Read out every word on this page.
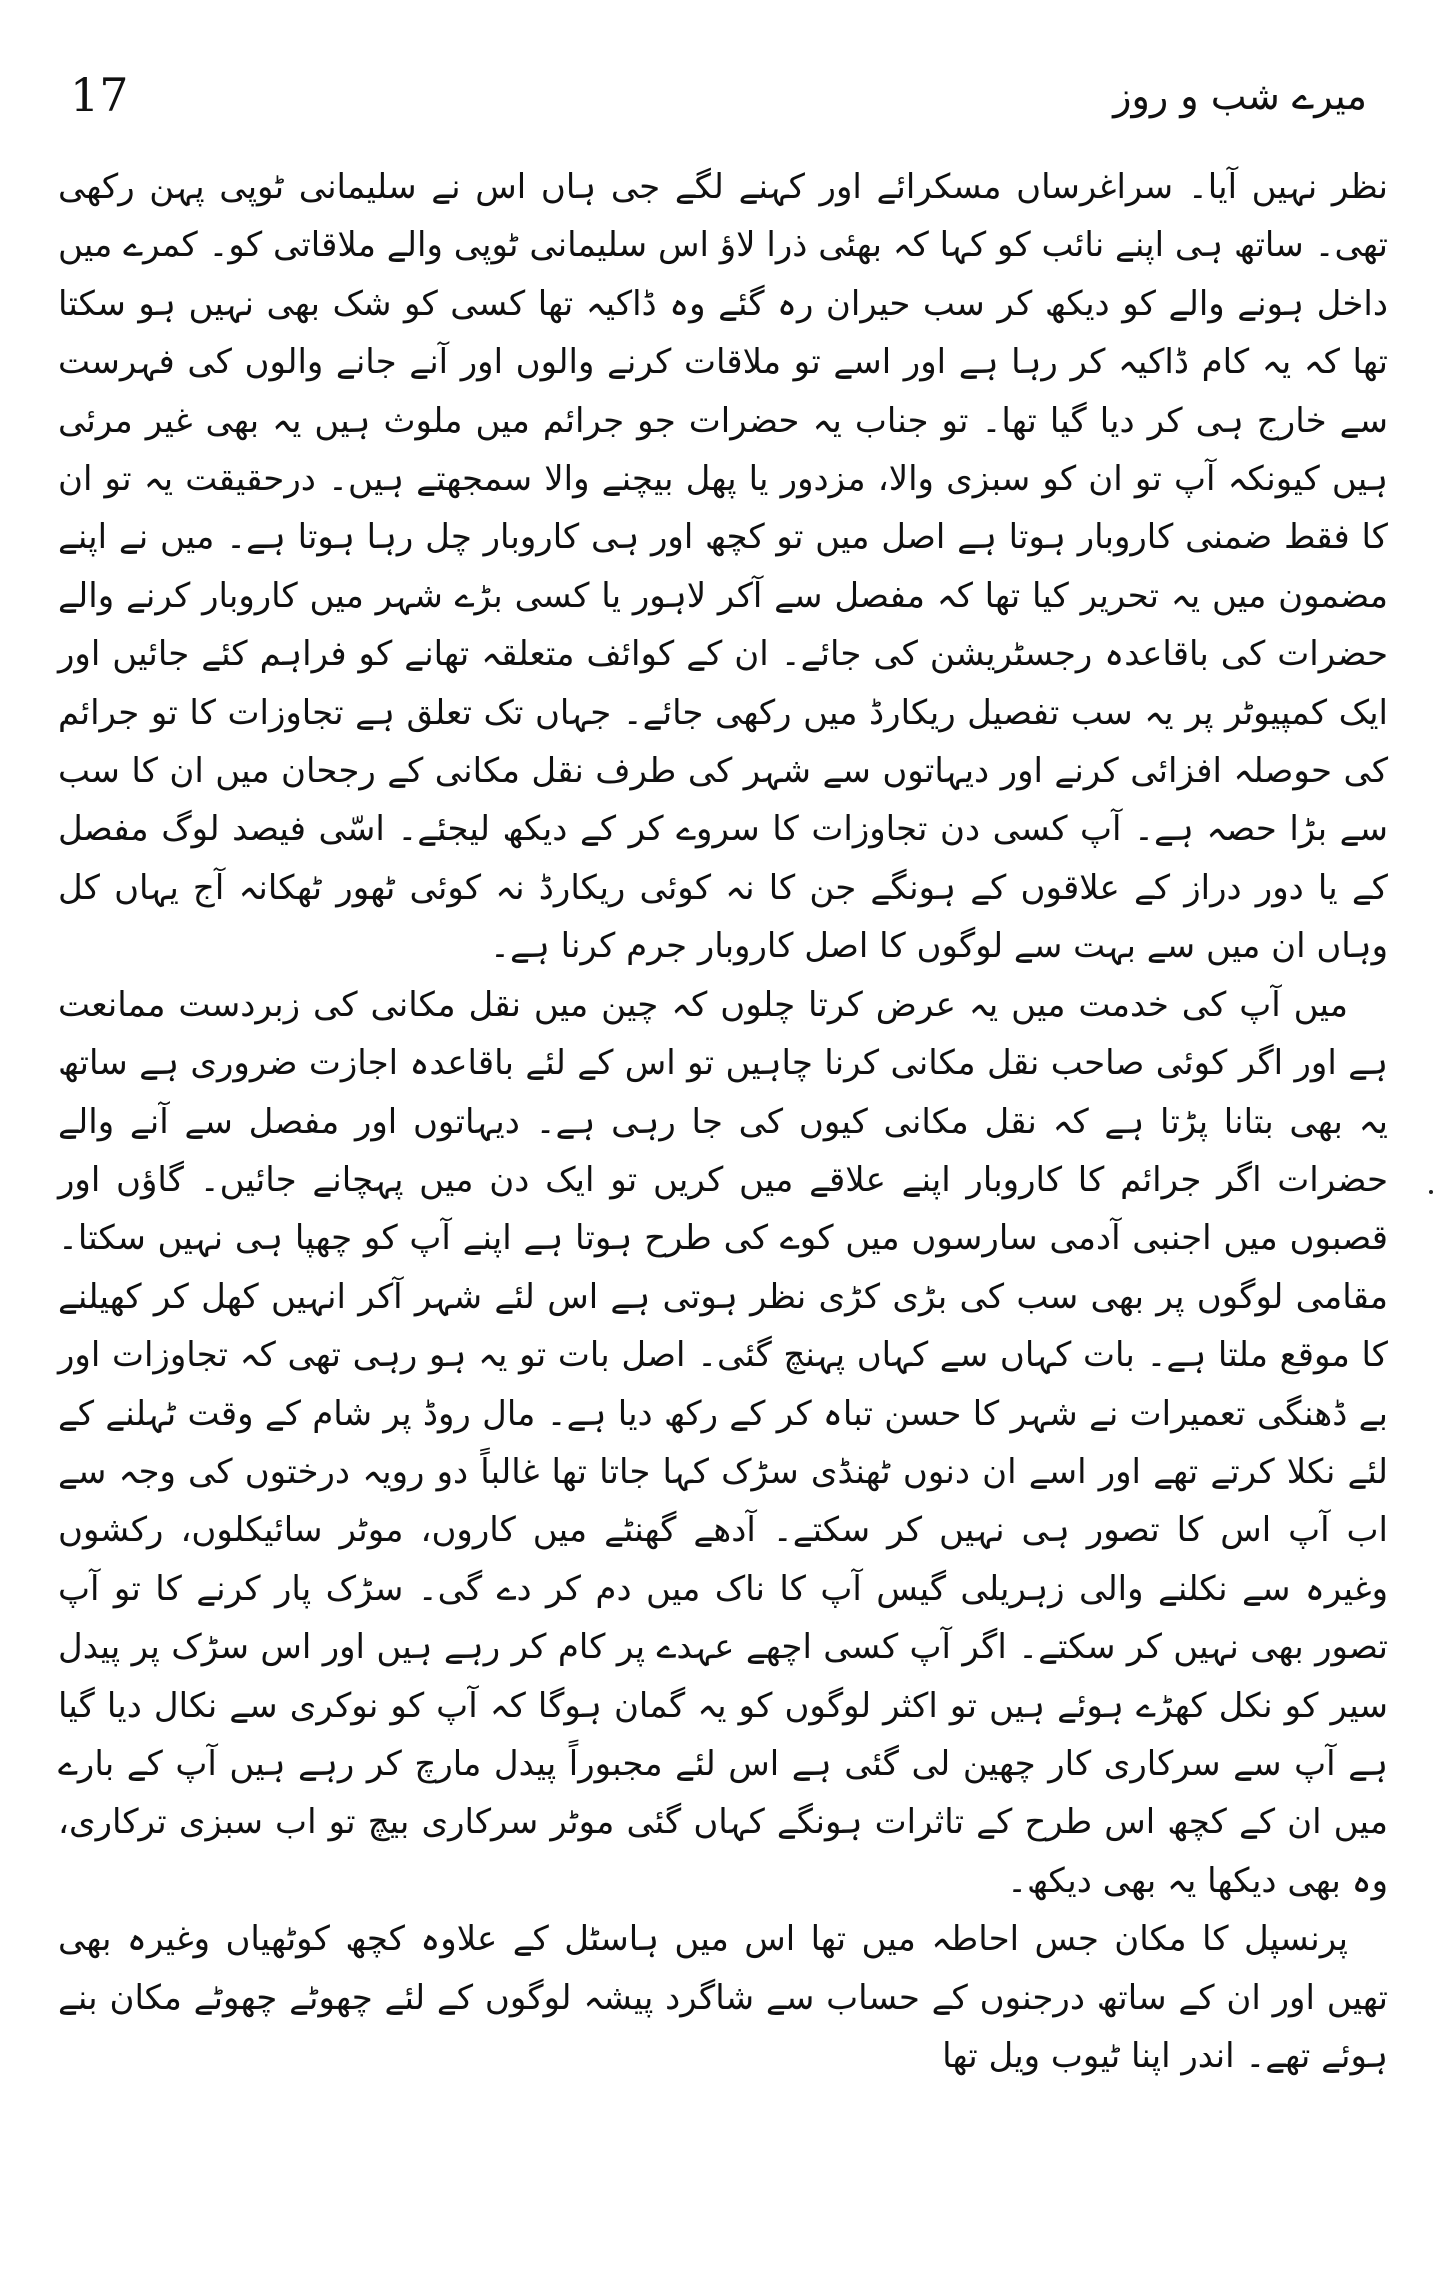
17	میرے شب و روز

نظر نہیں آیا۔ سراغرساں مسکرائے اور کہنے لگے جی ہاں اس نے سلیمانی ٹوپی پہن رکھی تھی۔ ساتھ ہی اپنے نائب کو کہا کہ بھئی ذرا لاؤ اس سلیمانی ٹوپی والے ملاقاتی کو۔ کمرے میں داخل ہونے والے کو دیکھ کر سب حیران رہ گئے وہ ڈاکیہ تھا کسی کو شک بھی نہیں ہو سکتا تھا کہ یہ کام ڈاکیہ کر رہا ہے اور اسے تو ملاقات کرنے والوں اور آنے جانے والوں کی فہرست سے خارج ہی کر دیا گیا تھا۔ تو جناب یہ حضرات جو جرائم میں ملوث ہیں یہ بھی غیر مرئی ہیں کیونکہ آپ تو ان کو سبزی والا، مزدور یا پھل بیچنے والا سمجھتے ہیں۔ درحقیقت یہ تو ان کا فقط ضمنی کاروبار ہوتا ہے اصل میں تو کچھ اور ہی کاروبار چل رہا ہوتا ہے۔ میں نے اپنے مضمون میں یہ تحریر کیا تھا کہ مفصل سے آکر لاہور یا کسی بڑے شہر میں کاروبار کرنے والے حضرات کی باقاعدہ رجسٹریشن کی جائے۔ ان کے کوائف متعلقہ تھانے کو فراہم کئے جائیں اور ایک کمپیوٹر پر یہ سب تفصیل ریکارڈ میں رکھی جائے۔ جہاں تک تعلق ہے تجاوزات کا تو جرائم کی حوصلہ افزائی کرنے اور دیہاتوں سے شہر کی طرف نقل مکانی کے رجحان میں ان کا سب سے بڑا حصہ ہے۔ آپ کسی دن تجاوزات کا سروے کر کے دیکھ لیجئے۔ اسّی فیصد لوگ مفصل کے یا دور دراز کے علاقوں کے ہونگے جن کا نہ کوئی ریکارڈ نہ کوئی ٹھور ٹھکانہ آج یہاں کل وہاں ان میں سے بہت سے لوگوں کا اصل کاروبار جرم کرنا ہے۔

میں آپ کی خدمت میں یہ عرض کرتا چلوں کہ چین میں نقل مکانی کی زبردست ممانعت ہے اور اگر کوئی صاحب نقل مکانی کرنا چاہیں تو اس کے لئے باقاعدہ اجازت ضروری ہے ساتھ یہ بھی بتانا پڑتا ہے کہ نقل مکانی کیوں کی جا رہی ہے۔ دیہاتوں اور مفصل سے آنے والے حضرات اگر جرائم کا کاروبار اپنے علاقے میں کریں تو ایک دن میں پہچانے جائیں۔ گاؤں اور قصبوں میں اجنبی آدمی سارسوں میں کوے کی طرح ہوتا ہے اپنے آپ کو چھپا ہی نہیں سکتا۔ مقامی لوگوں پر بھی سب کی بڑی کڑی نظر ہوتی ہے اس لئے شہر آکر انہیں کھل کر کھیلنے کا موقع ملتا ہے۔ بات کہاں سے کہاں پہنچ گئی۔ اصل بات تو یہ ہو رہی تھی کہ تجاوزات اور بے ڈھنگی تعمیرات نے شہر کا حسن تباہ کر کے رکھ دیا ہے۔ مال روڈ پر شام کے وقت ٹہلنے کے لئے نکلا کرتے تھے اور اسے ان دنوں ٹھنڈی سڑک کہا جاتا تھا غالباً دو رویہ درختوں کی وجہ سے اب آپ اس کا تصور ہی نہیں کر سکتے۔ آدھے گھنٹے میں کاروں، موٹر سائیکلوں، رکشوں وغیرہ سے نکلنے والی زہریلی گیس آپ کا ناک میں دم کر دے گی۔ سڑک پار کرنے کا تو آپ تصور بھی نہیں کر سکتے۔ اگر آپ کسی اچھے عہدے پر کام کر رہے ہیں اور اس سڑک پر پیدل سیر کو نکل کھڑے ہوئے ہیں تو اکثر لوگوں کو یہ گمان ہوگا کہ آپ کو نوکری سے نکال دیا گیا ہے آپ سے سرکاری کار چھین لی گئی ہے اس لئے مجبوراً پیدل مارچ کر رہے ہیں آپ کے بارے میں ان کے کچھ اس طرح کے تاثرات ہونگے کہاں گئی موٹر سرکاری بیچ تو اب سبزی ترکاری، وہ بھی دیکھا یہ بھی دیکھ۔

پرنسپل کا مکان جس احاطہ میں تھا اس میں ہاسٹل کے علاوہ کچھ کوٹھیاں وغیرہ بھی تھیں اور ان کے ساتھ درجنوں کے حساب سے شاگرد پیشہ لوگوں کے لئے چھوٹے چھوٹے مکان بنے ہوئے تھے۔ اندر اپنا ٹیوب ویل تھا
